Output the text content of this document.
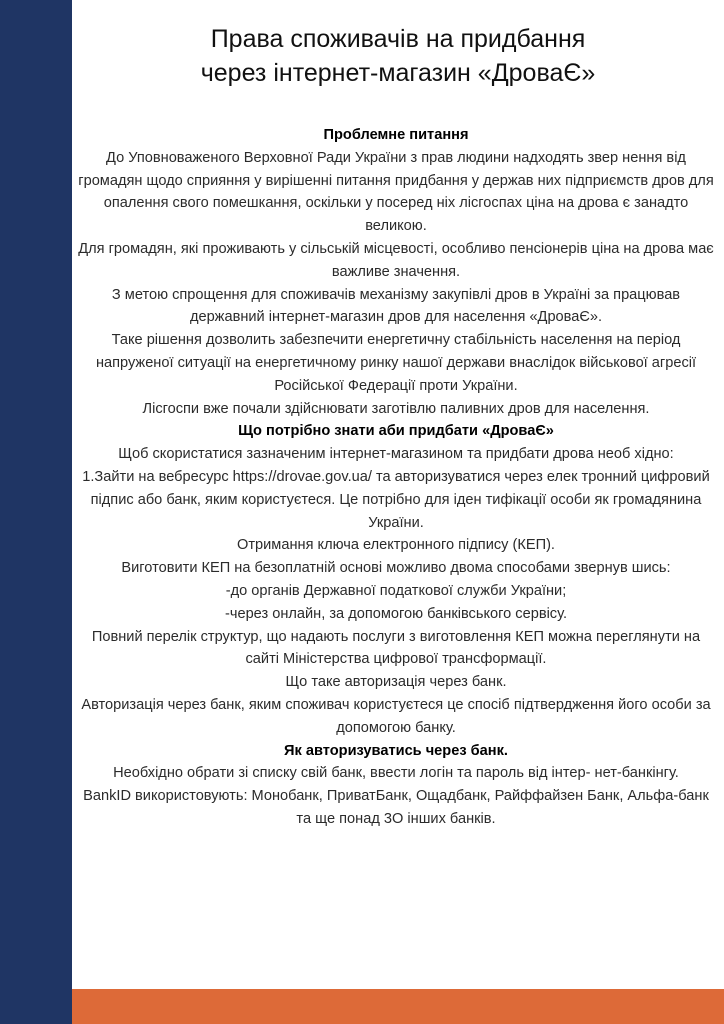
Права споживачів на придбання
через інтернет-магазин «ДроваЄ»

Проблемне питання

До Уповноваженого Верховної Ради України з прав людини надходять звер нення від громадян щодо сприяння у вирішенні питання придбання у держав них підприємств дров для опалення свого помешкання, оскільки у посеред ніх лісгоспах ціна на дрова є занадто великою.

Для громадян, які проживають у сільській місцевості, особливо пенсіонерів ціна на дрова має важливе значення.

З метою спрощення для споживачів механізму закупівлі дров в Україні за працював державний інтернет-магазин дров для населення «ДроваЄ».

Таке рішення дозволить забезпечити енергетичну стабільність населення на період напруженої ситуації на енергетичному ринку нашої держави внаслідок військової агресії Російської Федерації проти України.

Лісгоспи вже почали здійснювати заготівлю паливних дров для населення.

Що потрібно знати аби придбати «ДроваЄ»

Щоб скористатися зазначеним інтернет-магазином та придбати дрова необ хідно:

1.Зайти на вебресурс https://drovae.gov.ua/ та авторизуватися через елек тронний цифровий підпис або банк, яким користуєтеся. Це потрібно для іден тифікації особи як громадянина України.

Отримання ключа електронного підпису (КЕП).

Виготовити КЕП на безоплатній основі можливо двома способами звернув шись:

-до органів Державної податкової служби України;

-через онлайн, за допомогою банківського сервісу.

Повний перелік структур, що надають послуги з виготовлення КЕП можна переглянути на сайті Міністерства цифрової трансформації.

Що таке авторизація через банк.

Авторизація через банк, яким споживач користуєтеся це спосіб підтвердження його особи за допомогою банку.

Як авторизуватись через банк.

Необхідно обрати зі списку свій банк, ввести логін та пароль від інтер- нет-банкінгу.

BankID використовують: Монобанк, ПриватБанк, Ощадбанк, Райффайзен Банк, Альфа-банк та ще понад 3О інших банків.
